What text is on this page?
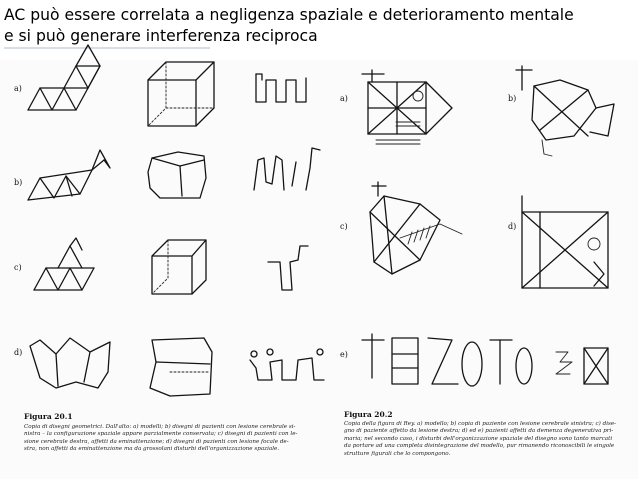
AC può essere correlata a negligenza spaziale e deterioramento mentale
e si può generare interferenza reciproca
a)
b)
c)
d)
a)	b)
c)	d)
e)
Figura 20.1
Copia di disegni geometrici. Dall'alto: a) modelli; b) disegni di pazienti con lesione cerebrale si-
nistra – la configurazione spaziale appare parzialmente conservata; c) disegni di pazienti con le-
sione cerebrale destra, affetti da eminattenzione; d) disegni di pazienti con lesione focale de-
stra, non affetti da eminattenzione ma da grossolani disturbi dell'organizzazione spaziale.
Figura 20.2
Copia della figura di Rey. a) modello; b) copia di paziente con lesione cerebrale sinistra; c) dise-
gno di paziente affetto da lesione destra; d) ed e) pazienti affetti da demenza degenerativa pri-
maria; nel secondo caso, i disturbi dell'organizzazione spaziale del disegno sono tanto marcati
da portare ad una completa disintegrazione del modello, pur rimanendo riconoscibili le singole
strutture figurali che lo compongono.
